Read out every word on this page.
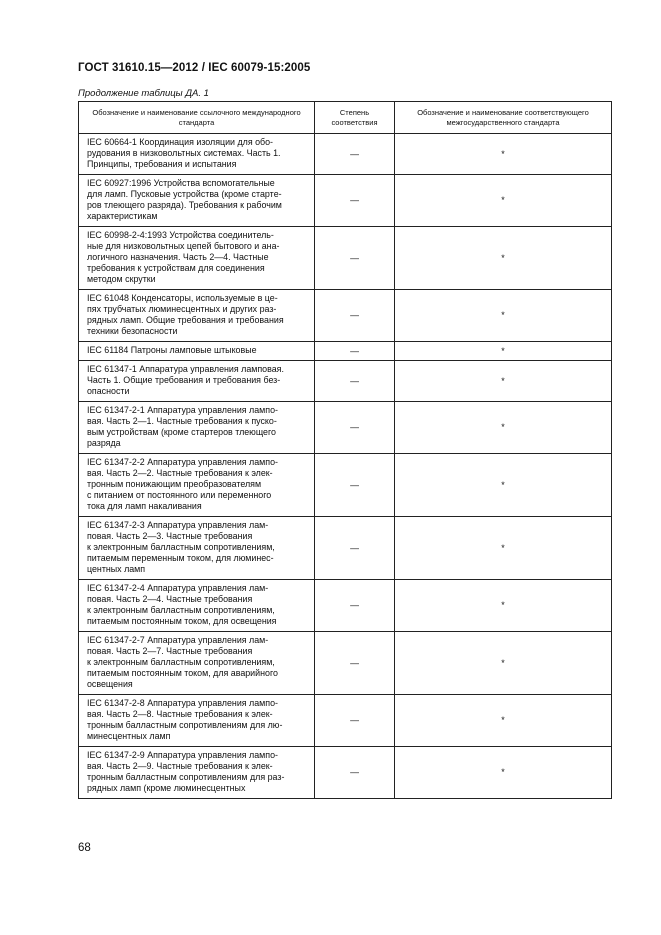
ГОСТ 31610.15—2012 / IEC 60079-15:2005
Продолжение таблицы ДА. 1
Обозначение и наименование ссылочного международного стандарта	Степень соответствия	Обозначение и наименование соответствующего межгосударственного стандарта

IEC 60664-1 Координация изоляции для обо-
рудования в низковольтных системах. Часть 1.
Принципы, требования и испытания	—	*

IEC 60927:1996 Устройства вспомогательные
для ламп. Пусковые устройства (кроме стартe-
ров тлеющего разряда). Требования к рабочим
характеристикам	—	*

IEC 60998-2-4:1993 Устройства соединитель-
ные для низковольтных цепей бытового и ана-
логичного назначения. Часть 2—4. Частные
требования к устройствам для соединения
методом скрутки	—	*

IEC 61048 Конденсаторы, используемые в це-
пях трубчатых люминесцентных и других раз-
рядных ламп. Общие требования и требования
техники безопасности	—	*

IEC 61184 Патроны ламповые штыковые	—	*

IEC 61347-1 Аппаратура управления ламповая.
Часть 1. Общие требования и требования без-
опасности	—	*

IEC 61347-2-1 Аппаратура управления лампо-
вая. Часть 2—1. Частные требования к пуско-
вым устройствам (кроме стартеров тлеющего
разряда	—	*

IEC 61347-2-2 Аппаратура управления лампо-
вая. Часть 2—2. Частные требования к элек-
тронным понижающим преобразователям
с питанием от постоянного или переменного
тока для ламп накаливания	—	*

IEC 61347-2-3 Аппаратура управления лам-
повая. Часть 2—3. Частные требования
к электронным балластным сопротивлениям,
питаемым переменным током, для люминес-
центных ламп	—	*

IEC 61347-2-4 Аппаратура управления лам-
повая. Часть 2—4. Частные требования
к электронным балластным сопротивлениям,
питаемым постоянным током, для освещения	—	*

IEC 61347-2-7 Аппаратура управления лам-
повая. Часть 2—7. Частные требования
к электронным балластным сопротивлениям,
питаемым постоянным током, для аварийного
освещения	—	*

IEC 61347-2-8 Аппаратура управления лампо-
вая. Часть 2—8. Частные требования к элек-
тронным балластным сопротивлениям для лю-
минесцентных ламп	—	*

IEC 61347-2-9 Аппаратура управления лампо-
вая. Часть 2—9. Частные требования к элек-
тронным балластным сопротивлениям для раз-
рядных ламп (кроме люминесцентных	—	*
68
